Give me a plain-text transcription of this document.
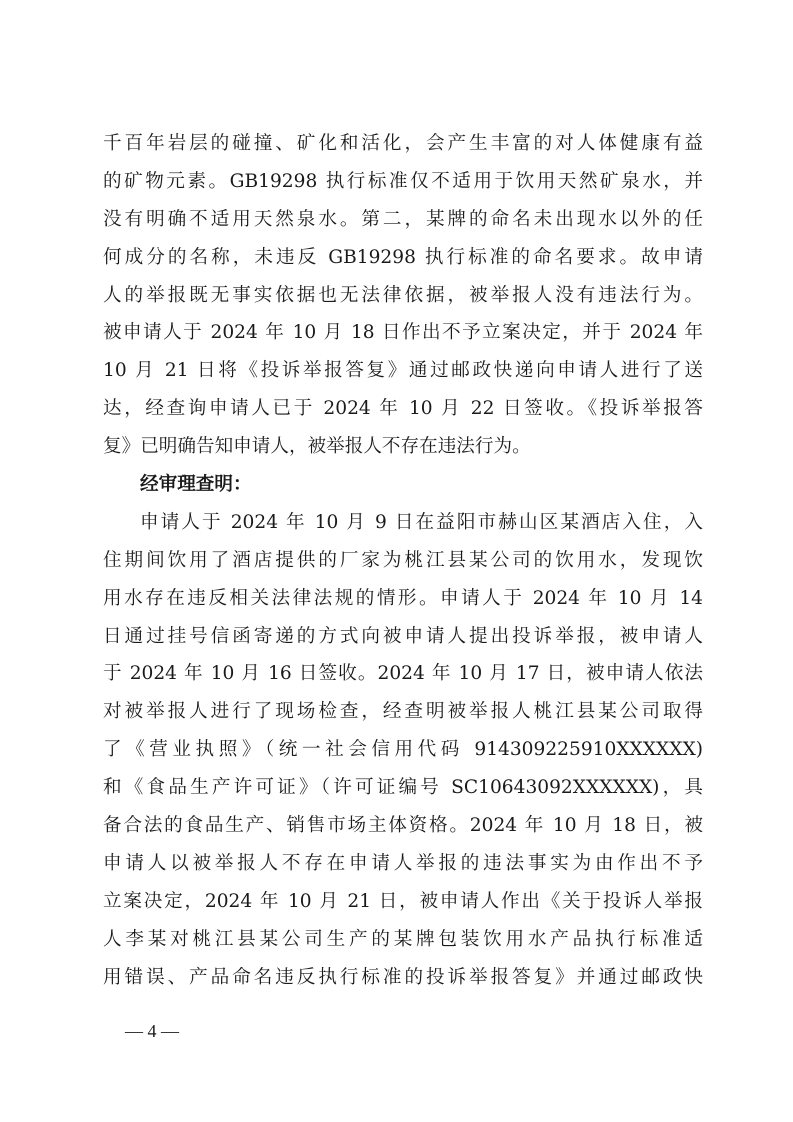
千百年岩层的碰撞、矿化和活化，会产生丰富的对人体健康有益
的矿物元素。GB19298 执行标准仅不适用于饮用天然矿泉水，并
没有明确不适用天然泉水。第二，某牌的命名未出现水以外的任
何成分的名称，未违反 GB19298 执行标准的命名要求。故申请
人的举报既无事实依据也无法律依据，被举报人没有违法行为。
被申请人于 2024 年 10 月 18 日作出不予立案决定，并于 2024 年
10 月 21 日将《投诉举报答复》通过邮政快递向申请人进行了送
达，经查询申请人已于 2024 年 10 月 22 日签收。《投诉举报答
复》已明确告知申请人，被举报人不存在违法行为。
经审理查明：
申请人于 2024 年 10 月 9 日在益阳市赫山区某酒店入住，入
住期间饮用了酒店提供的厂家为桃江县某公司的饮用水，发现饮
用水存在违反相关法律法规的情形。申请人于 2024 年 10 月 14
日通过挂号信函寄递的方式向被申请人提出投诉举报，被申请人
于 2024 年 10 月 16 日签收。2024 年 10 月 17 日，被申请人依法
对被举报人进行了现场检查，经查明被举报人桃江县某公司取得
了《营业执照》（统一社会信用代码 914309225910XXXXXX)
和《食品生产许可证》（许可证编号 SC10643092XXXXXX)，具
备合法的食品生产、销售市场主体资格。2024 年 10 月 18 日，被
申请人以被举报人不存在申请人举报的违法事实为由作出不予
立案决定，2024 年 10 月 21 日，被申请人作出《关于投诉人举报
人李某对桃江县某公司生产的某牌包装饮用水产品执行标准适
用错误、产品命名违反执行标准的投诉举报答复》并通过邮政快
— 4 —
